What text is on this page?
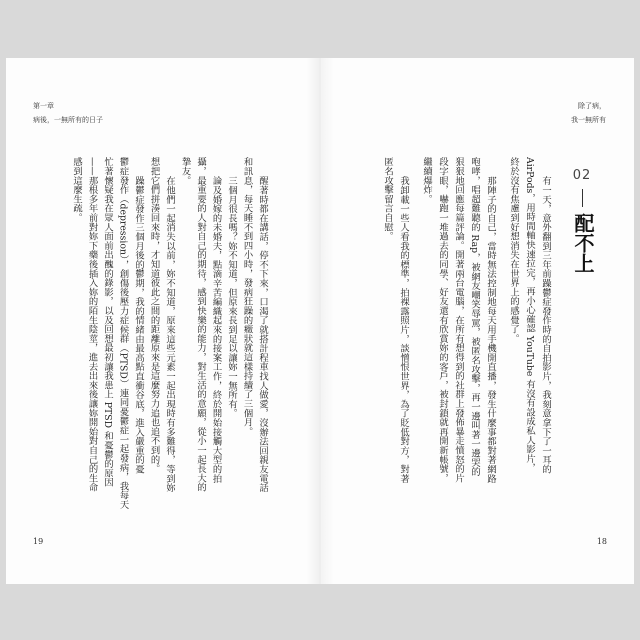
第一章
病後，一無所有的日子
19
醒著時都在講話，停不下來，口渴了就搭計程車找人做愛，沒辦法回親友電話
和訊息，每天睡不到四小時，發病狂躁的癥狀就這樣持續了三個月。
三個月很長嗎？妳不知道，但原來長到足以讓妳一無所有。
論及婚嫁的未婚夫，點滴辛苦編織起來的接案工作，終於開始接觸大型的拍
攝，最重要的人對自己的期待，感到快樂的能力，對生活的意願，從小一起長大的
摯友。
在他們一起消失以前，妳不知道，原來這些元素一起出現時有多難得，等到妳
想把它們拼湊回來時，才知道彼此之間的距離原來是這麼努力追也追不到的。
躁鬱症發作三個月後的鬱期，我的情緒由最高點直衝谷底，進入嚴重的憂
鬱症發作（depression），創傷後壓力症候群（PTSD）連同憂鬱症一起發病，我每天
忙著懷疑我在眾人面前出醜的錄影，以及回想最初讓我患上 PTSD 和憂鬱的原因
——那根多年前對妳下藥後插入妳的陌生陰莖，進去出來後讓妳開始對自己的生命
感到這麼生疏。
除了病，
我一無所有
18
02
配不上
有一天，意外翻到三年前躁鬱症發作時的自拍影片，我刻意拿下了一耳的
AirPods，用時間軸快速拉完，再小心確認 YouTube 有沒有設成私人影片，
終於沒有焦慮到好想消失在世界上的感覺了。
那陣子的自己，當時無法控制地每天用手機開直播，發生什麼事都對著網路
咆哮，唱超難聽的 Rap，被網友嘲笑辱罵，被匿名攻擊，再一邊叫著一邊哭的
狠狠地回應每篇評論。開著兩台電腦，在所有想得到的社群上發佈暴走憤怒的片
段字眼，嚇跑一堆過去的同學、好友還有欣賞妳的客戶，被封鎖就再開新帳號，
繼續爆炸。
我卸載一些人看我的標準，拍裸露照片，談憎恨世界，為了貶低對方，對著
匿名攻擊留言自慰。
